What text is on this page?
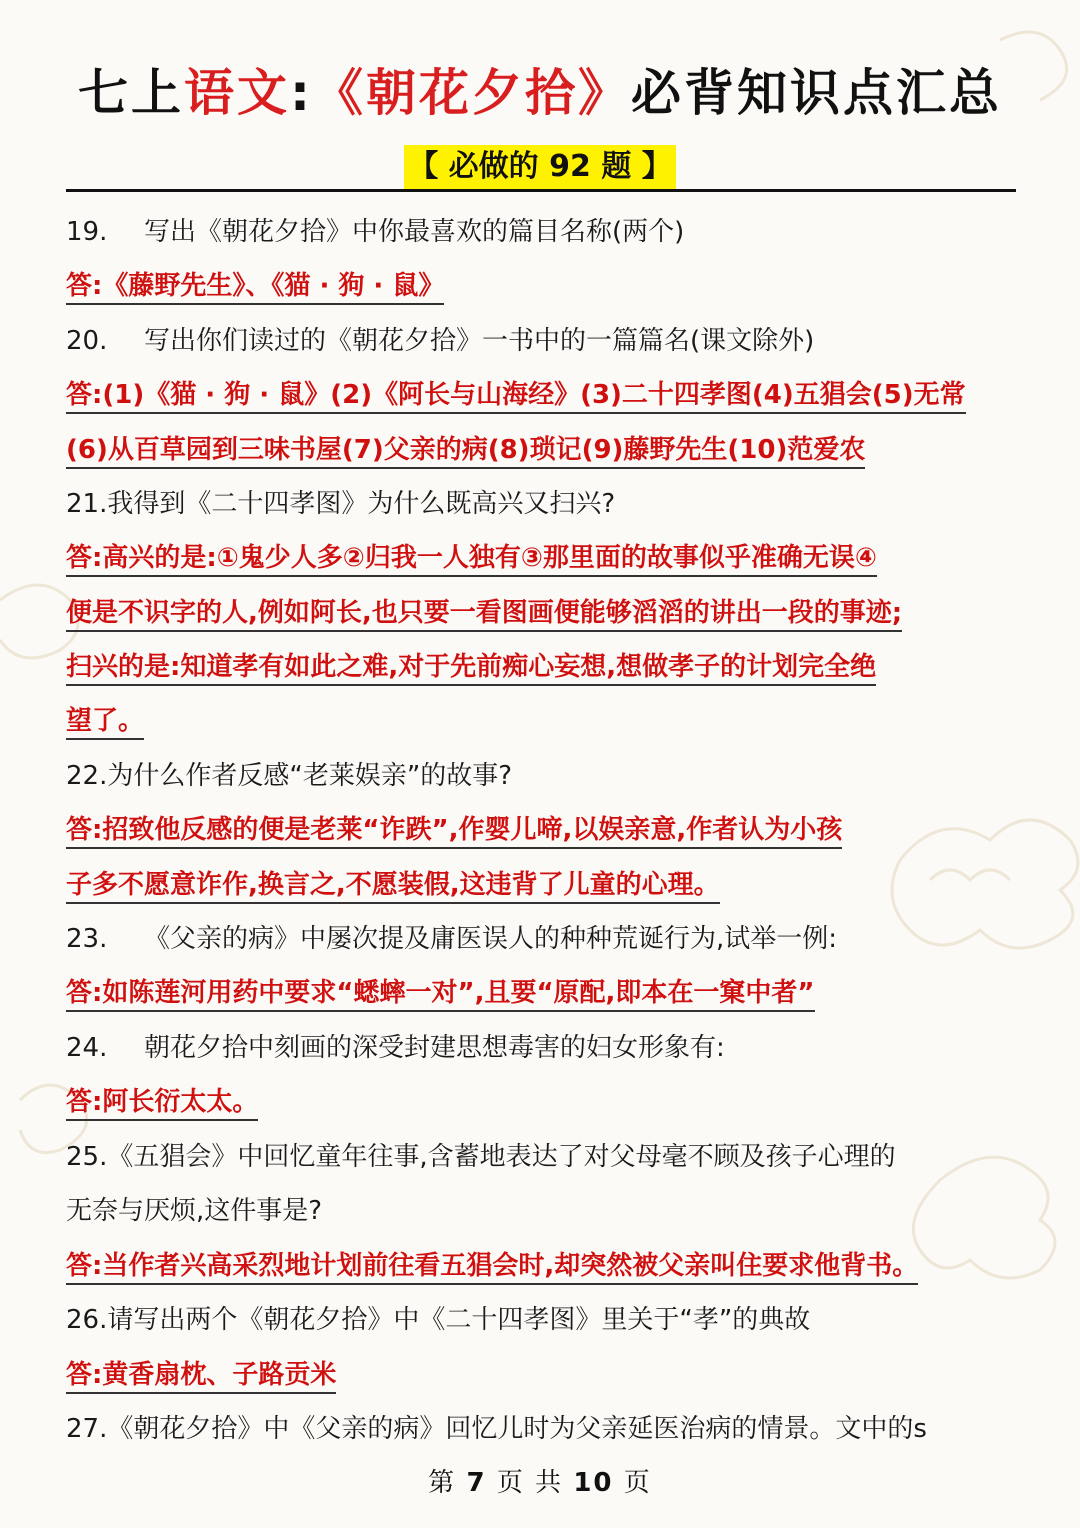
七上语文:《朝花夕拾》必背知识点汇总
【 必做的 92 题 】
19. 写出《朝花夕拾》中你最喜欢的篇目名称(两个)
答:《藤野先生》、《猫 · 狗 · 鼠》
20. 写出你们读过的《朝花夕拾》一书中的一篇篇名(课文除外)
答:(1)《猫 · 狗 · 鼠》(2)《阿长与山海经》(3)二十四孝图(4)五猖会(5)无常
(6)从百草园到三味书屋(7)父亲的病(8)琐记(9)藤野先生(10)范爱农
21.我得到《二十四孝图》为什么既高兴又扫兴?
答:高兴的是:①鬼少人多②归我一人独有③那里面的故事似乎准确无误④
便是不识字的人,例如阿长,也只要一看图画便能够滔滔的讲出一段的事迹;
扫兴的是:知道孝有如此之难,对于先前痴心妄想,想做孝子的计划完全绝
望了。
22.为什么作者反感“老莱娱亲”的故事?
答:招致他反感的便是老莱“诈跌”,作婴儿啼,以娱亲意,作者认为小孩
子多不愿意诈作,换言之,不愿装假,这违背了儿童的心理。
23. 《父亲的病》中屡次提及庸医误人的种种荒诞行为,试举一例:
答:如陈莲河用药中要求“蟋蟀一对”,且要“原配,即本在一窠中者”
24. 朝花夕拾中刻画的深受封建思想毒害的妇女形象有:
答:阿长衍太太。
25.《五猖会》中回忆童年往事,含蓄地表达了对父母毫不顾及孩子心理的
无奈与厌烦,这件事是?
答:当作者兴高采烈地计划前往看五猖会时,却突然被父亲叫住要求他背书。
26.请写出两个《朝花夕拾》中《二十四孝图》里关于“孝”的典故
答:黄香扇枕、子路贡米
27.《朝花夕拾》中《父亲的病》回忆儿时为父亲延医治病的情景。文中的s
第 7 页 共 10 页
